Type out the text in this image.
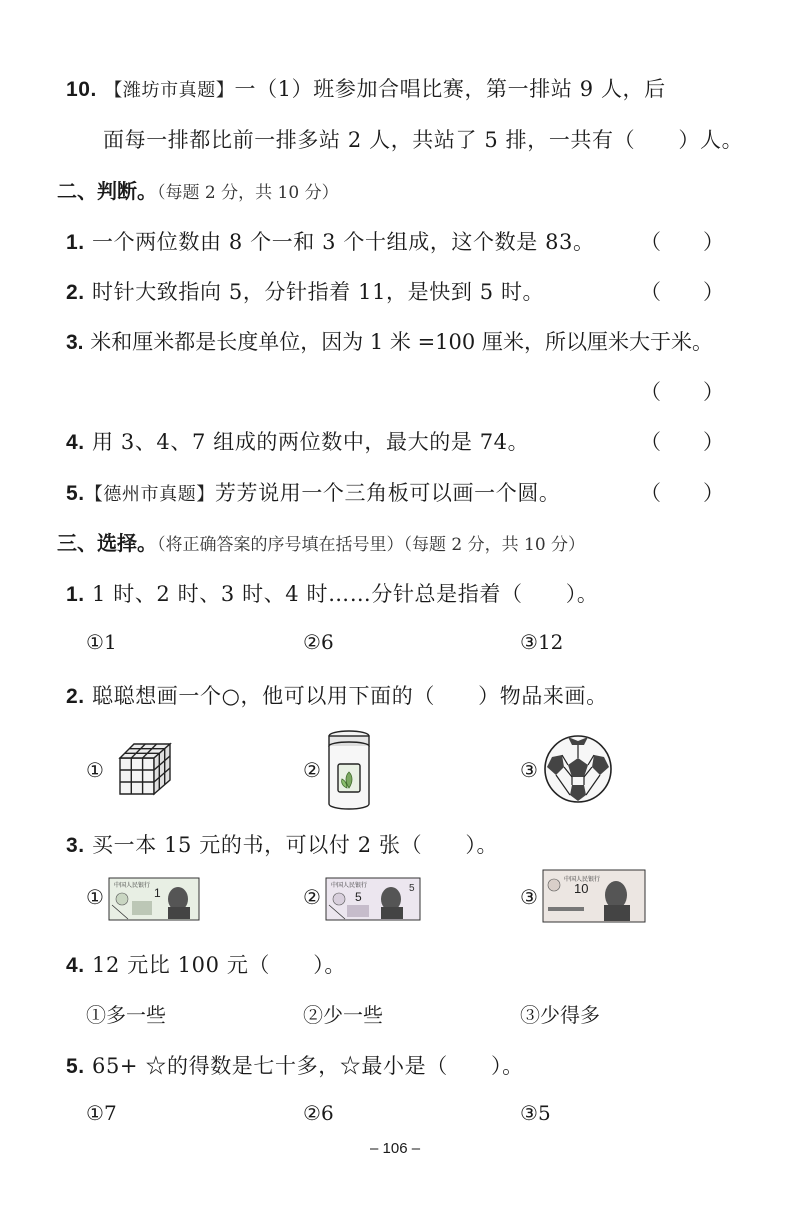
10. 【潍坊市真题】一（1）班参加合唱比赛，第一排站 9 人，后
面每一排都比前一排多站 2 人，共站了 5 排，一共有（　　）人。
二、判断。（每题 2 分，共 10 分）
1. 一个两位数由 8 个一和 3 个十组成，这个数是 83。 （　　）
2. 时针大致指向 5，分针指着 11，是快到 5 时。	（　　）
3. 米和厘米都是长度单位，因为 1 米 =100 厘米，所以厘米大于米。
（　　）
4. 用 3、4、7 组成的两位数中，最大的是 74。	（　　）
5.【德州市真题】芳芳说用一个三角板可以画一个圆。	（　　）
三、选择。（将正确答案的序号填在括号里）（每题 2 分，共 10 分）
1. 1 时、2 时、3 时、4 时……分针总是指着（　　）。
①1	②6	③12
2. 聪聪想画一个○，他可以用下面的（　　）物品来画。
①	②	③
3. 买一本 15 元的书，可以付 2 张（　　）。
① 中国人民银行
1	② 中国人民银行
5
5	③
中国人民银行
10
4. 12 元比 100 元（　　）。
①多一些	②少一些	③少得多
5. 65+ ☆的得数是七十多，☆最小是（　　）。
①7	②6	③5
– 106 –
